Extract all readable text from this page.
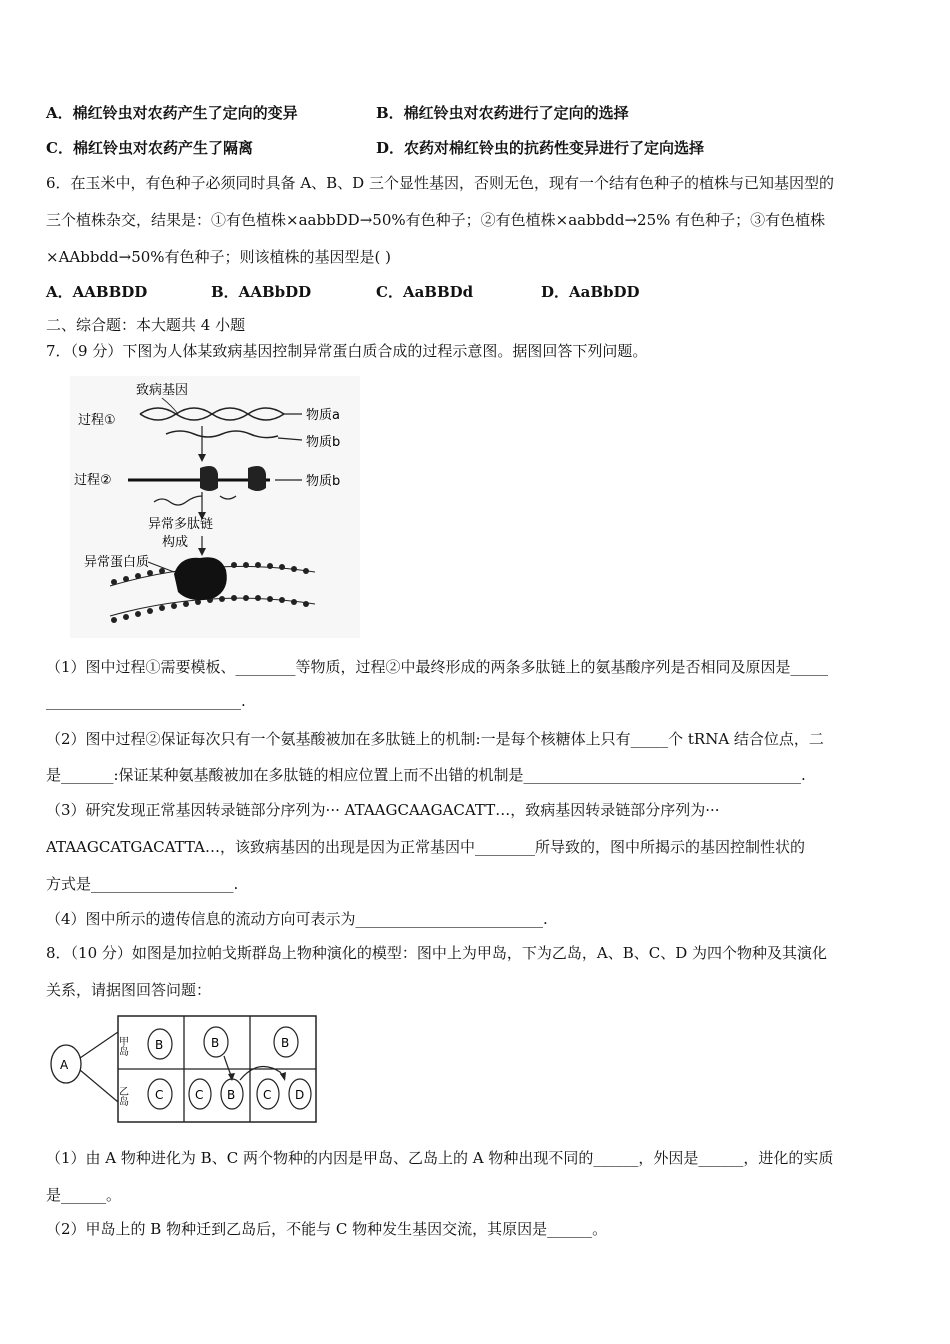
A．棉红铃虫对农药产生了定向的变异	B．棉红铃虫对农药进行了定向的选择
C．棉红铃虫对农药产生了隔离	D．农药对棉红铃虫的抗药性变异进行了定向选择
6．在玉米中，有色种子必须同时具备 A、B、D 三个显性基因，否则无色，现有一个结有色种子的植株与已知基因型的
三个植株杂交，结果是：①有色植株×aabbDD→50%有色种子；②有色植株×aabbdd→25% 有色种子；③有色植株
×AAbbdd→50%有色种子；则该植株的基因型是( )
A．AABBDD	B．AABbDD	C．AaBBDd	D．AaBbDD
二、综合题：本大题共 4 小题
7．（9 分）下图为人体某致病基因控制异常蛋白质合成的过程示意图。据图回答下列问题。
致病基因
过程①	物质a
物质b
过程②	物质b
异常多肽链
构成
异常蛋白质
（1）图中过程①需要模板、________等物质，过程②中最终形成的两条多肽链上的氨基酸序列是否相同及原因是_____
__________________________.
（2）图中过程②保证每次只有一个氨基酸被加在多肽链上的机制:一是每个核糖体上只有_____个 tRNA 结合位点，二
是_______:保证某种氨基酸被加在多肽链的相应位置上而不出错的机制是_____________________________________.
（3）研究发现正常基因转录链部分序列为··· ATAAGCAAGACATT…，致病基因转录链部分序列为···
ATAAGCATGACATTA…，该致病基因的出现是因为正常基因中________所导致的，图中所揭示的基因控制性状的
方式是___________________.
（4）图中所示的遗传信息的流动方向可表示为_________________________.
8．（10 分）如图是加拉帕戈斯群岛上物种演化的模型：图中上为甲岛，下为乙岛，A、B、C、D 为四个物种及其演化
关系，请据图回答问题：
A
甲岛
乙岛
B	B	B
C	C B C D
（1）由 A 物种进化为 B、C 两个物种的内因是甲岛、乙岛上的 A 物种出现不同的______，外因是______，进化的实质
是______。
（2）甲岛上的 B 物种迁到乙岛后，不能与 C 物种发生基因交流，其原因是______。
